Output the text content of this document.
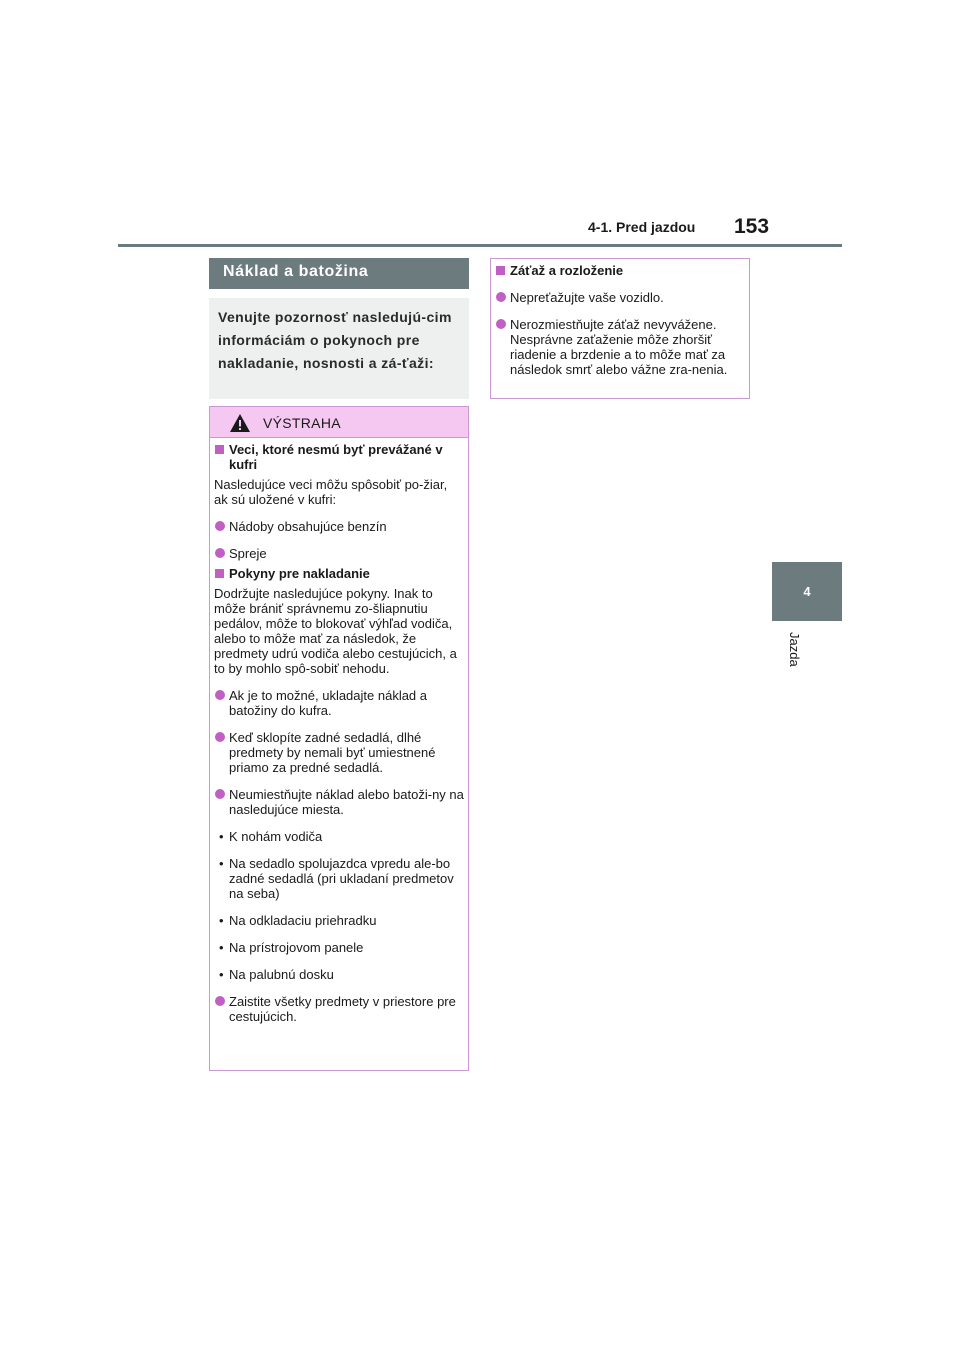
4-1. Pred jazdou 153
4
Jazda
Náklad a batožina

Venujte pozornosť nasledujú-cim informáciám o pokynoch pre nakladanie, nosnosti a zá-ťaži:

VÝSTRAHA
Veci, ktoré nesmú byť prevážané v kufri
Nasledujúce veci môžu spôsobiť po-žiar, ak sú uložené v kufri:
Nádoby obsahujúce benzín
Spreje
Pokyny pre nakladanie
Dodržujte nasledujúce pokyny. Inak to môže brániť správnemu zo-šliapnutiu pedálov, môže to blokovať výhľad vodiča, alebo to môže mať za následok, že predmety udrú vodiča alebo cestujúcich, a to by mohlo spô-sobiť nehodu.
Ak je to možné, ukladajte náklad a batožiny do kufra.
Keď sklopíte zadné sedadlá, dlhé predmety by nemali byť umiestnené priamo za predné sedadlá.
Neumiestňujte náklad alebo batoži-ny na nasledujúce miesta.
• K nohám vodiča
• Na sedadlo spolujazdca vpredu ale-bo zadné sedadlá (pri ukladaní predmetov na seba)
• Na odkladaciu priehradku
• Na prístrojovom panele
• Na palubnú dosku
Zaistite všetky predmety v priestore pre cestujúcich.
Záťaž a rozloženie
Nepreťažujte vaše vozidlo.
Nerozmiestňujte záťaž nevyvážene. Nesprávne zaťaženie môže zhoršiť riadenie a brzdenie a to môže mať za následok smrť alebo vážne zra-nenia.
